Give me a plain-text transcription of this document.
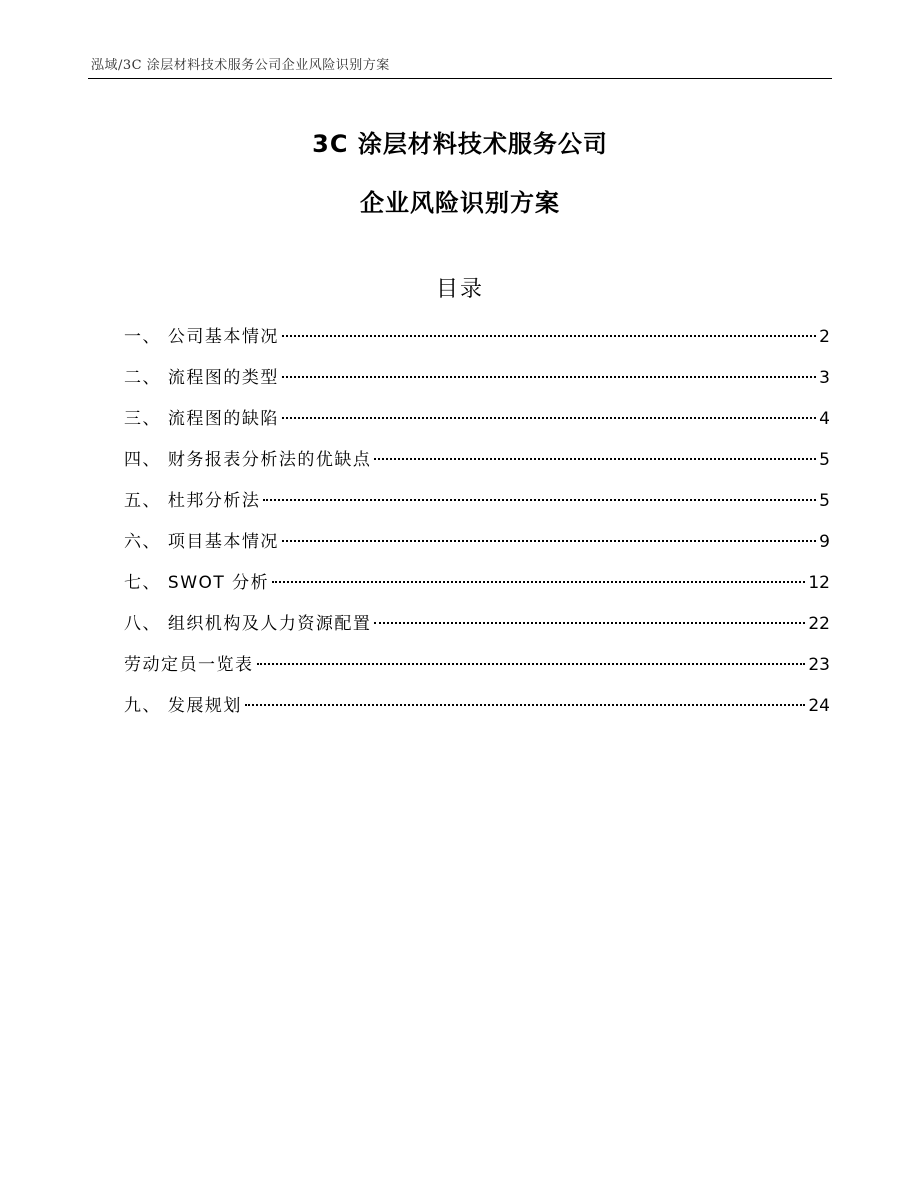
泓域/3C 涂层材料技术服务公司企业风险识别方案
3C 涂层材料技术服务公司
企业风险识别方案
目录
一、 公司基本情况	2
二、 流程图的类型	3
三、 流程图的缺陷	4
四、 财务报表分析法的优缺点	5
五、 杜邦分析法	5
六、 项目基本情况	9
七、 SWOT 分析	12
八、 组织机构及人力资源配置	22
劳动定员一览表	23
九、 发展规划	24
